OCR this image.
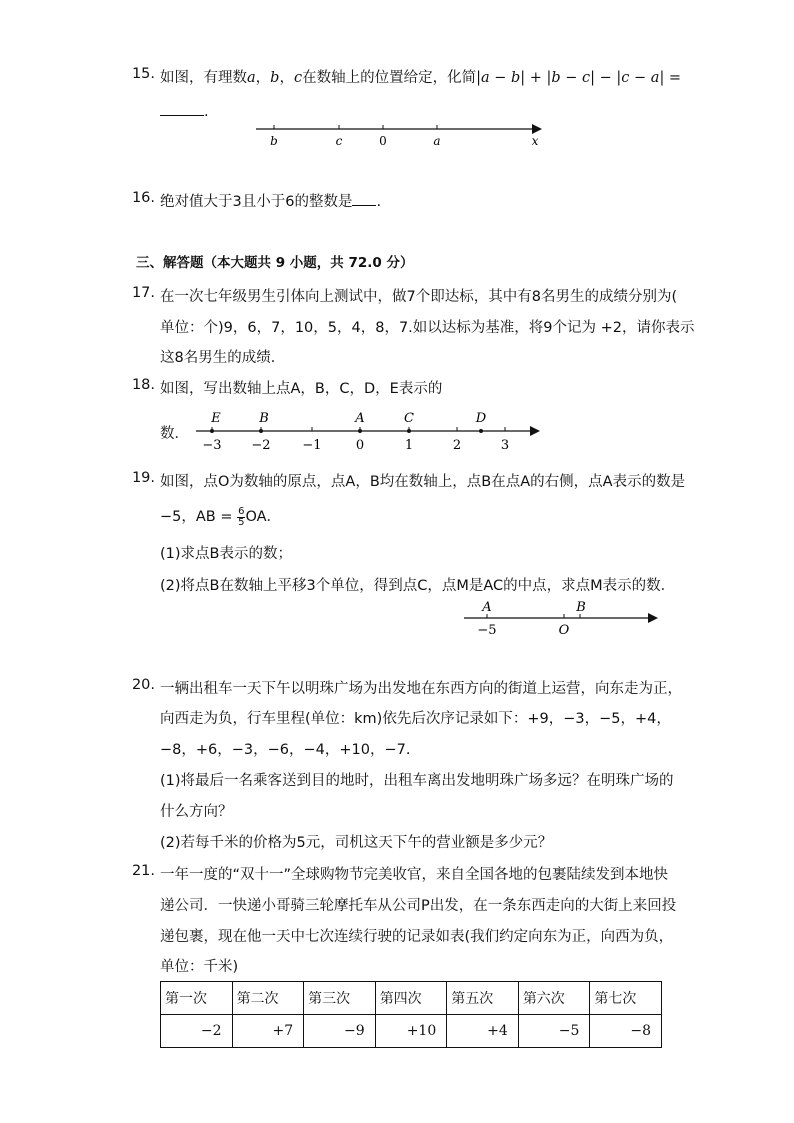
15. 如图，有理数a，b，c在数轴上的位置给定，化简|a − b| + |b − c| − |c − a| =
.
b	c	0	a	x
16. 绝对值大于3且小于6的整数是 .
三、解答题（本大题共 9 小题，共 72.0 分）
17. 在一次七年级男生引体向上测试中，做7个即达标，其中有8名男生的成绩分别为(
单位：个)9，6，7，10，5，4，8，7.如以达标为基准，将9个记为 +2，请你表示
这8名男生的成绩．
18. 如图，写出数轴上点A，B，C，D，E表示的
数．
E	B	A	C	D
−3 −2 −1	0	1	2	3
19. 如图，点O为数轴的原点，点A，B均在数轴上，点B在点A的右侧，点A表示的数是
−5，AB = $\frac{6}{5}$ OA．
(1)求点B表示的数；
(2)将点B在数轴上平移3个单位，得到点C，点M是AC的中点，求点M表示的数．
A	B
−5	O
20. 一辆出租车一天下午以明珠广场为出发地在东西方向的街道上运营，向东走为正，
向西走为负，行车里程(单位：km)依先后次序记录如下：+9，−3，−5，+4，
−8，+6，−3，−6，−4，+10，−7.
(1)将最后一名乘客送到目的地时，出租车离出发地明珠广场多远？在明珠广场的
什么方向？
(2)若每千米的价格为5元，司机这天下午的营业额是多少元？
21. 一年一度的“双十一”全球购物节完美收官，来自全国各地的包裹陆续发到本地快
递公司．一快递小哥骑三轮摩托车从公司P出发，在一条东西走向的大街上来回投
递包裹，现在他一天中七次连续行驶的记录如表(我们约定向东为正，向西为负，
单位：千米)
第一次	第二次	第三次	第四次	第五次	第六次	第七次
−2	+7	−9	+10	+4	−5	−8
